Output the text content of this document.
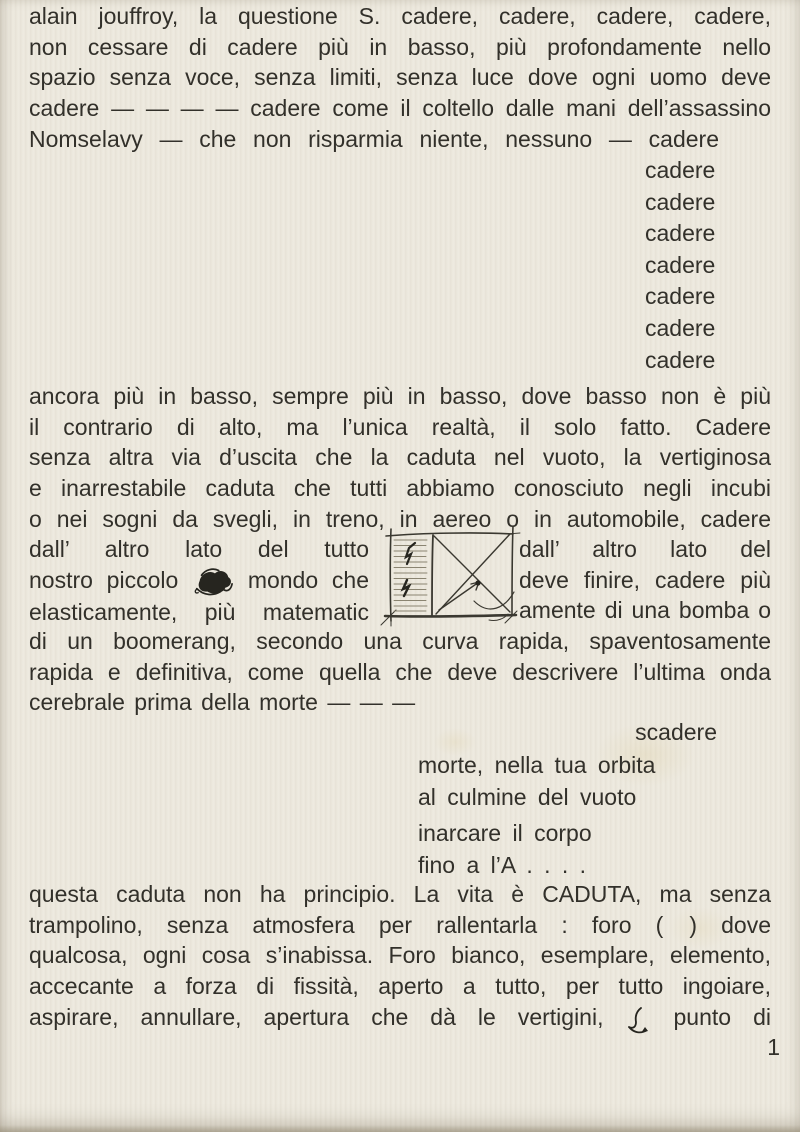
alain jouffroy, la questione S. cadere, cadere, cadere, cadere,
non cessare di cadere più in basso, più profondamente nello
spazio senza voce, senza limiti, senza luce dove ogni uomo deve
cadere — — — — cadere come il coltello dalle mani dell’assassino
Nomselavy — che non risparmia niente, nessuno — cadere
cadere
cadere
cadere
cadere
cadere
cadere
cadere
ancora più in basso, sempre più in basso, dove basso non è più
il contrario di alto, ma l’unica realtà, il solo fatto. Cadere
senza altra via d’uscita che la caduta nel vuoto, la vertiginosa
e inarrestabile caduta che tutti abbiamo conosciuto negli incubi
o nei sogni da svegli, in treno, in aereo o in automobile, cadere
dall’ altro lato del tutto
nostro piccolo	mondo che
elasticamente, più matematic
dall’ altro lato del
deve finire, cadere più
amente di una bomba o
di un boomerang, secondo una curva rapida, spaventosamente
rapida e definitiva, come quella che deve descrivere l’ultima onda
cerebrale prima della morte — — —
scadere
morte, nella tua orbita
al culmine del vuoto
inarcare il corpo
fino a l’A . . . .
questa caduta non ha principio. La vita è CADUTA, ma senza
trampolino, senza atmosfera per rallentarla : foro ( ) dove
qualcosa, ogni cosa s’inabissa. Foro bianco, esemplare, elemento,
accecante a forza di fissità, aperto a tutto, per tutto ingoiare,
aspirare, annullare, apertura che dà le vertigini,	punto di
1
